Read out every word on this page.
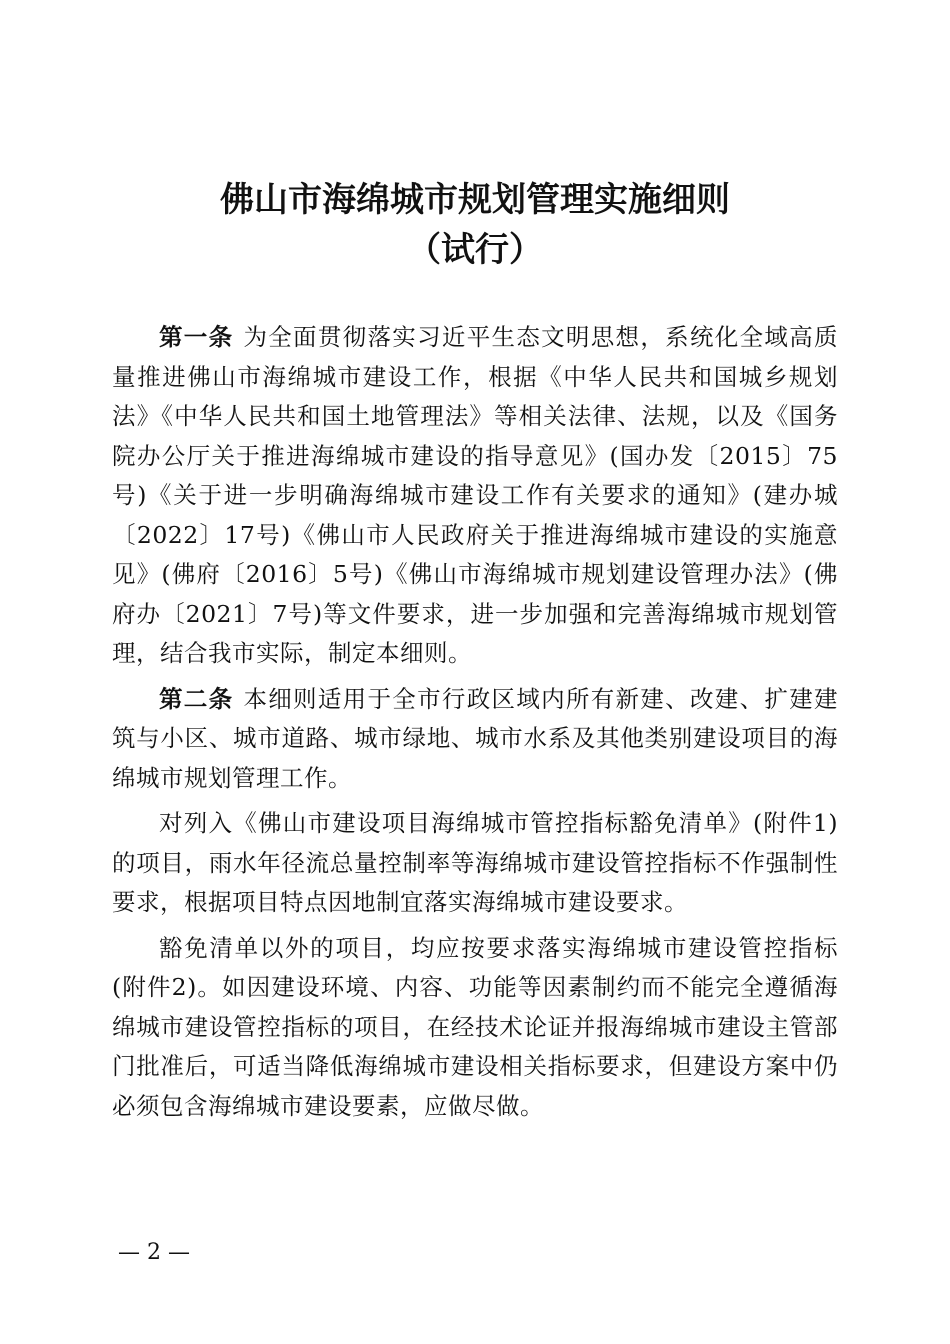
佛山市海绵城市规划管理实施细则
（试行）

第一条 为全面贯彻落实习近平生态文明思想，系统化全域高质量推进佛山市海绵城市建设工作，根据《中华人民共和国城乡规划法》《中华人民共和国土地管理法》等相关法律、法规，以及《国务院办公厅关于推进海绵城市建设的指导意见》(国办发〔2015〕75号)《关于进一步明确海绵城市建设工作有关要求的通知》(建办城〔2022〕17号)《佛山市人民政府关于推进海绵城市建设的实施意见》(佛府〔2016〕5号)《佛山市海绵城市规划建设管理办法》(佛府办〔2021〕7号)等文件要求，进一步加强和完善海绵城市规划管理，结合我市实际，制定本细则。

第二条 本细则适用于全市行政区域内所有新建、改建、扩建建筑与小区、城市道路、城市绿地、城市水系及其他类别建设项目的海绵城市规划管理工作。

对列入《佛山市建设项目海绵城市管控指标豁免清单》(附件1)的项目，雨水年径流总量控制率等海绵城市建设管控指标不作强制性要求，根据项目特点因地制宜落实海绵城市建设要求。

豁免清单以外的项目，均应按要求落实海绵城市建设管控指标(附件2)。如因建设环境、内容、功能等因素制约而不能完全遵循海绵城市建设管控指标的项目，在经技术论证并报海绵城市建设主管部门批准后，可适当降低海绵城市建设相关指标要求，但建设方案中仍必须包含海绵城市建设要素，应做尽做。

— 2 —
